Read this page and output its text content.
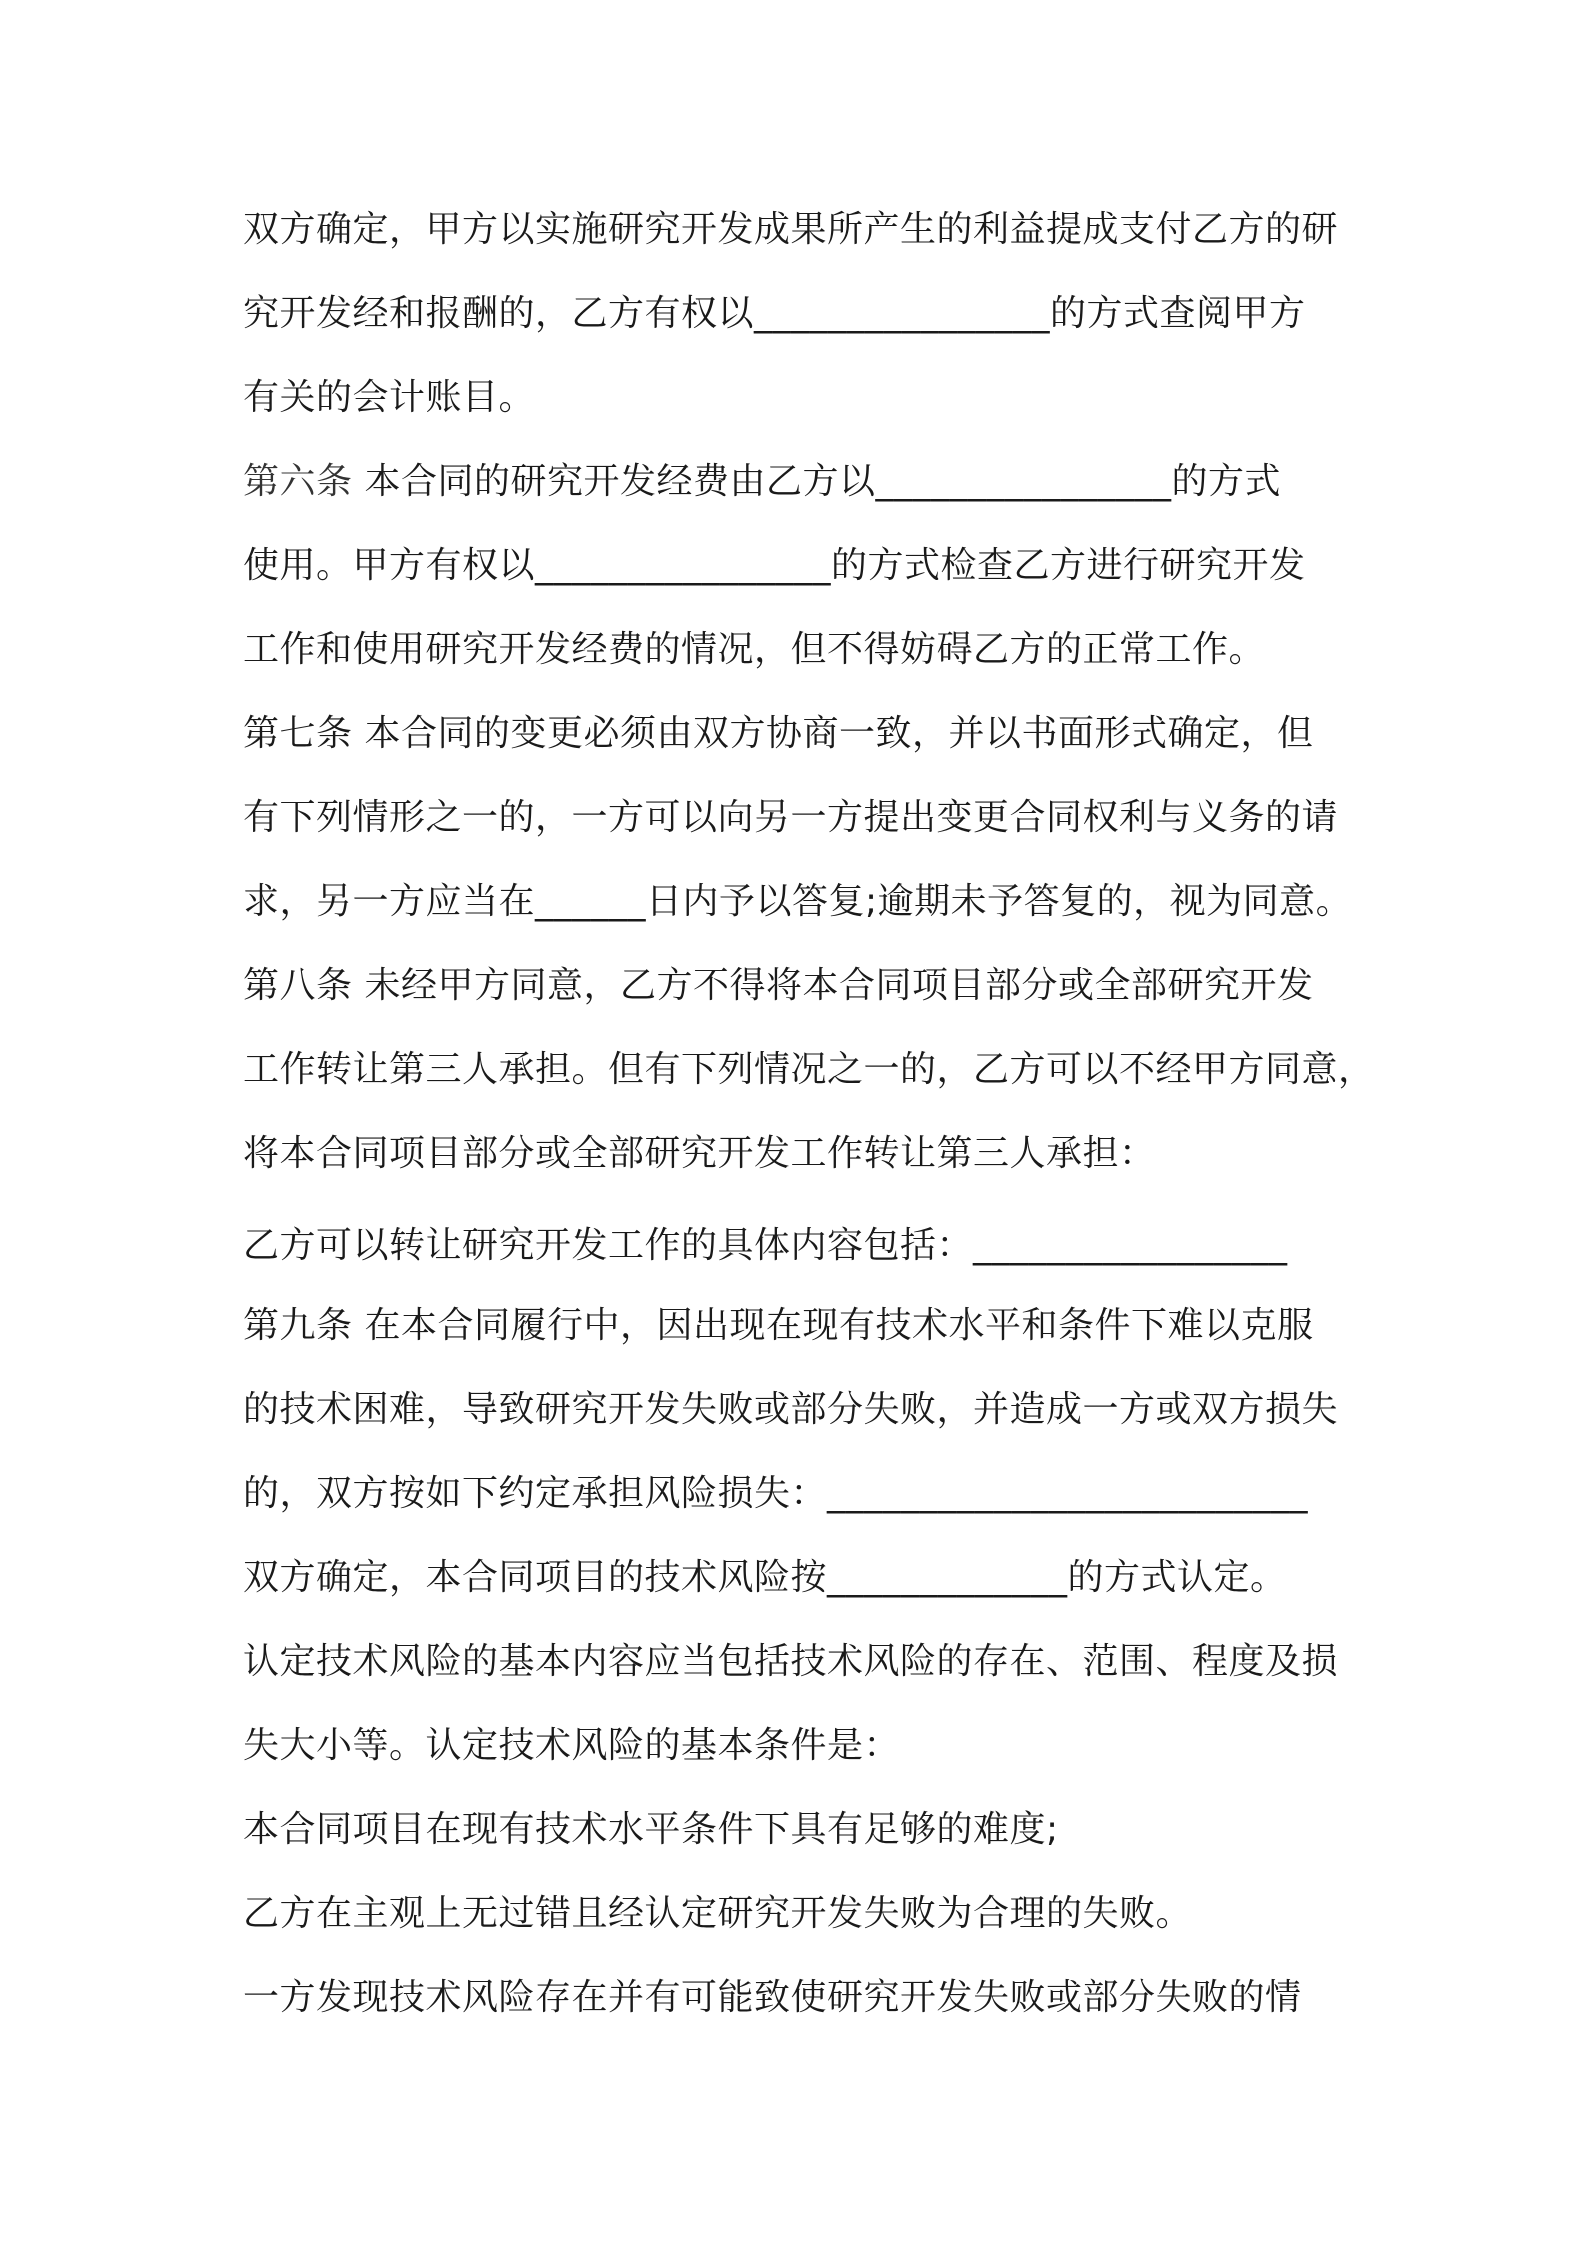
双方确定，甲方以实施研究开发成果所产生的利益提成支付乙方的研
究开发经和报酬的，乙方有权以________________的方式查阅甲方
有关的会计账目。
第六条 本合同的研究开发经费由乙方以________________的方式
使用。甲方有权以________________的方式检查乙方进行研究开发
工作和使用研究开发经费的情况，但不得妨碍乙方的正常工作。
第七条 本合同的变更必须由双方协商一致，并以书面形式确定，但
有下列情形之一的，一方可以向另一方提出变更合同权利与义务的请
求，另一方应当在______日内予以答复;逾期未予答复的，视为同意。
第八条 未经甲方同意，乙方不得将本合同项目部分或全部研究开发
工作转让第三人承担。但有下列情况之一的，乙方可以不经甲方同意，
将本合同项目部分或全部研究开发工作转让第三人承担：
乙方可以转让研究开发工作的具体内容包括：_________________
第九条 在本合同履行中，因出现在现有技术水平和条件下难以克服
的技术困难，导致研究开发失败或部分失败，并造成一方或双方损失
的，双方按如下约定承担风险损失：__________________________
双方确定，本合同项目的技术风险按_____________的方式认定。
认定技术风险的基本内容应当包括技术风险的存在、范围、程度及损
失大小等。认定技术风险的基本条件是：
本合同项目在现有技术水平条件下具有足够的难度;
乙方在主观上无过错且经认定研究开发失败为合理的失败。
一方发现技术风险存在并有可能致使研究开发失败或部分失败的情
